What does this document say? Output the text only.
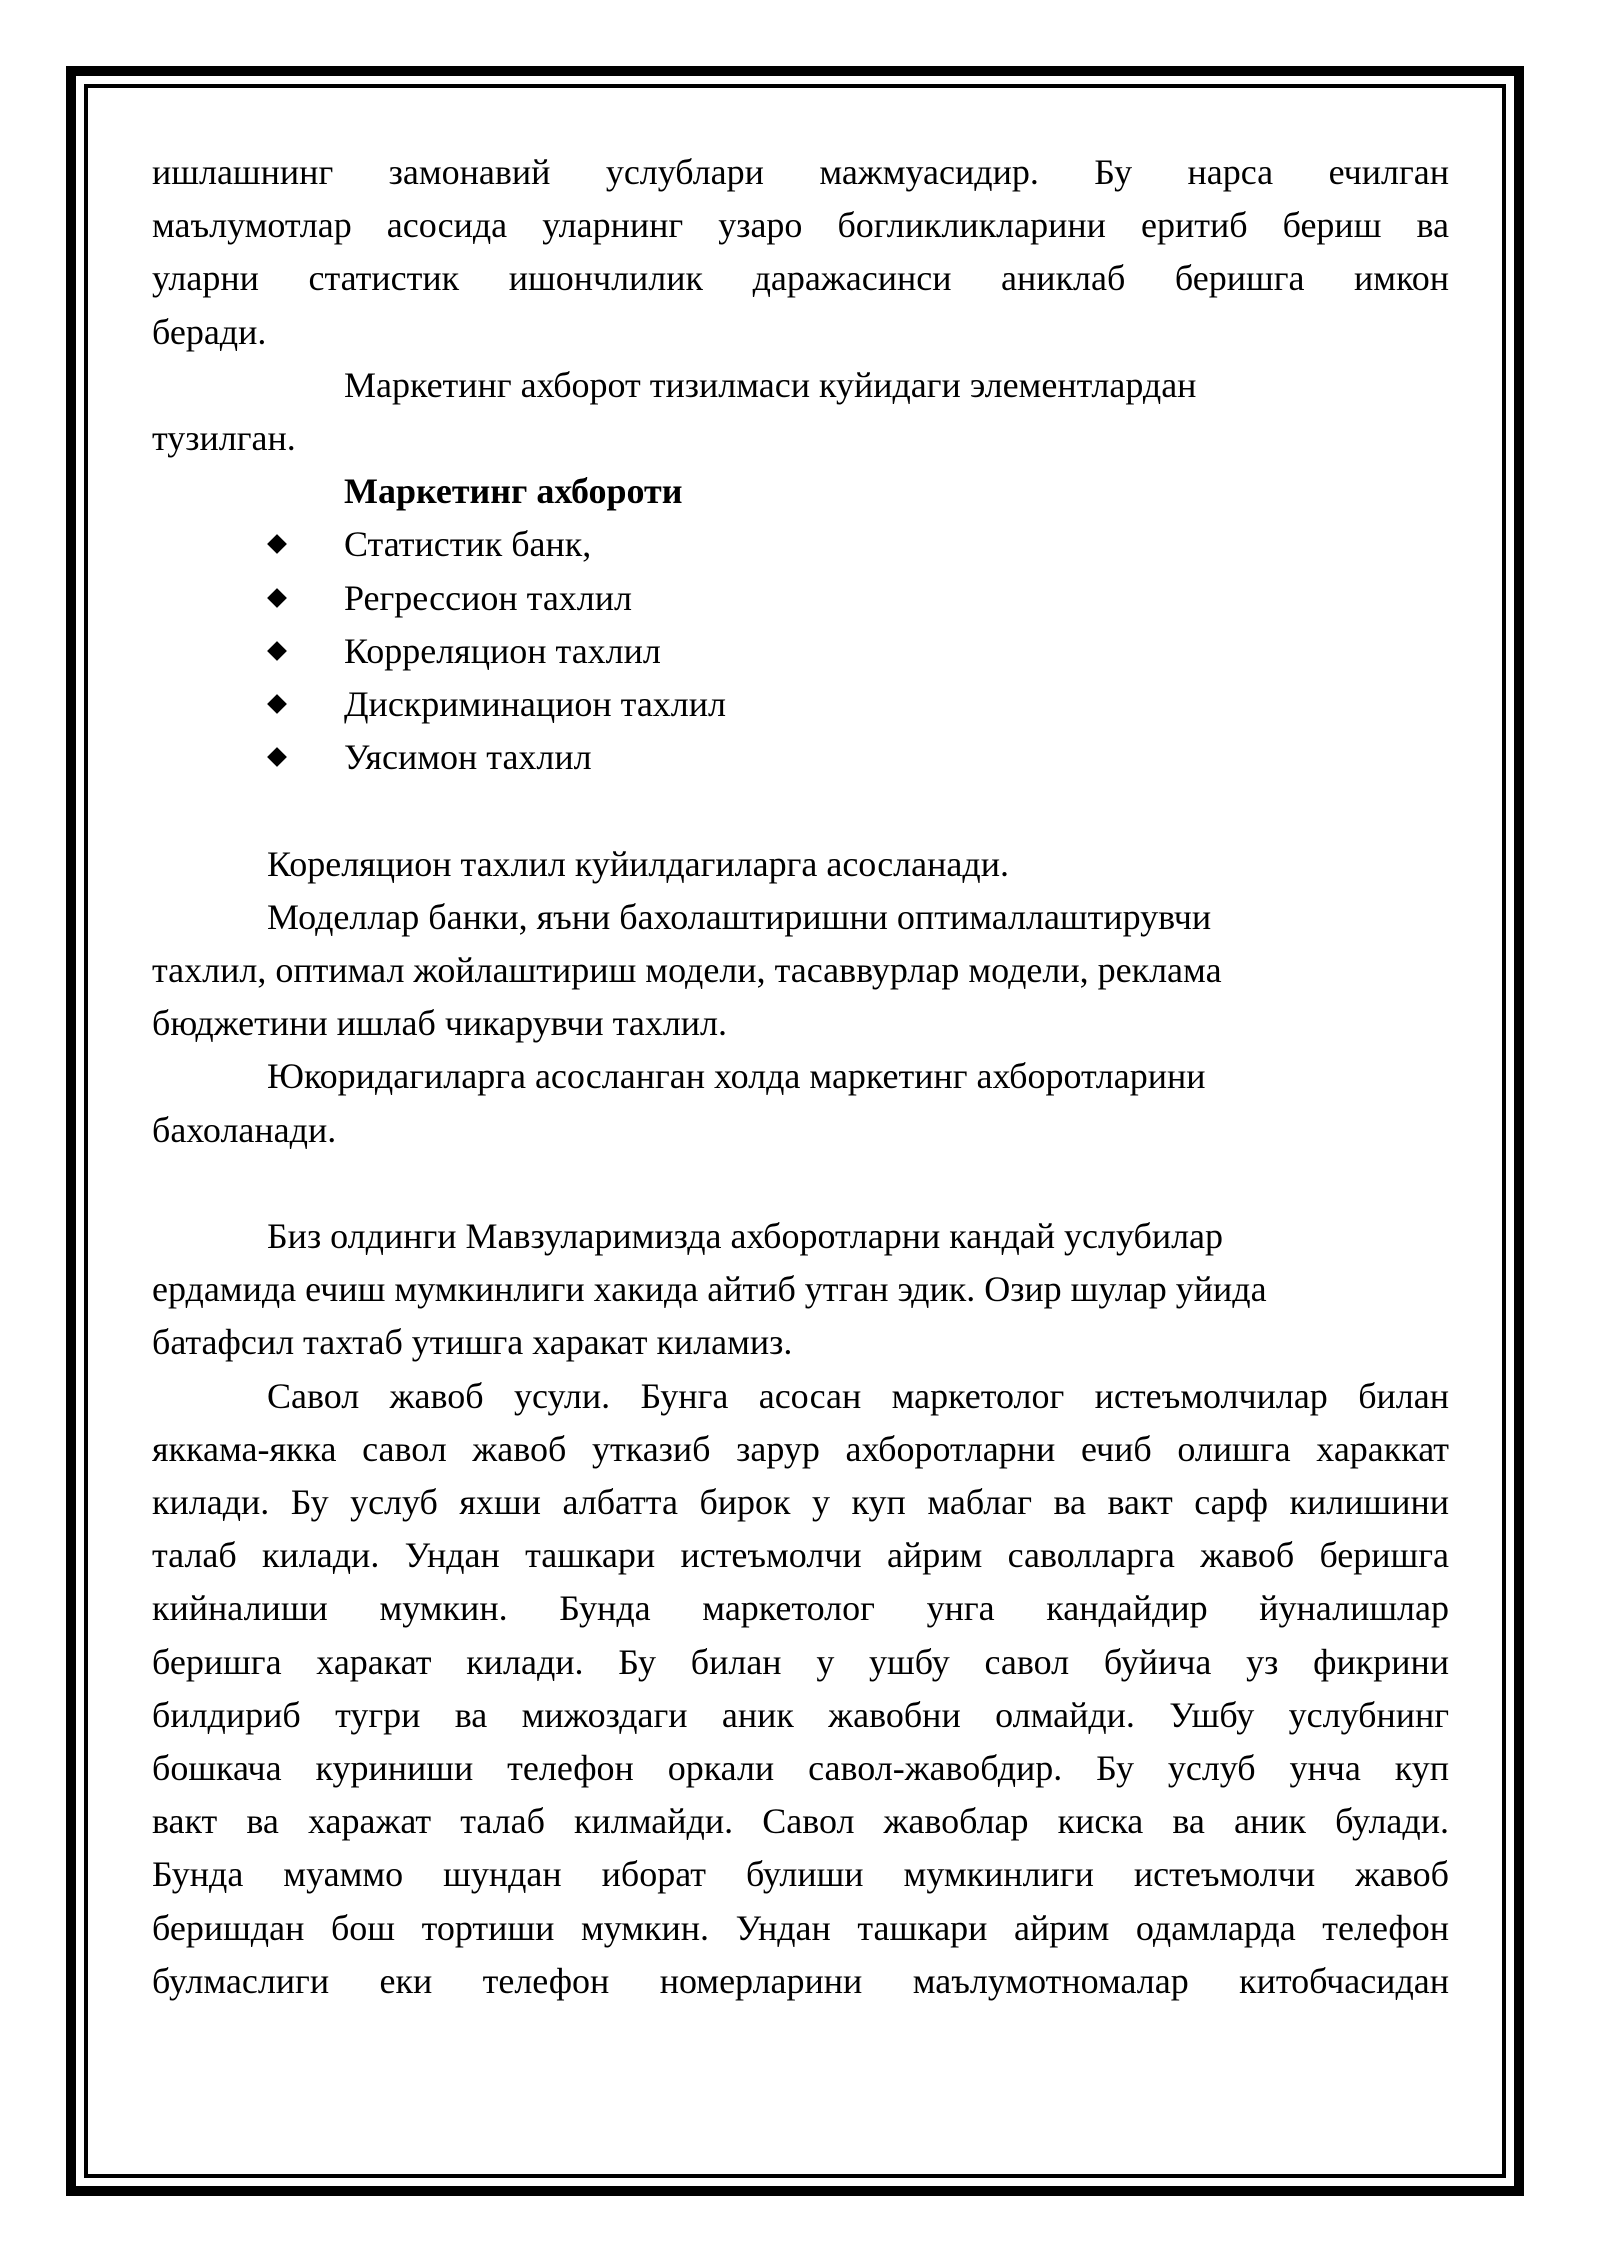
ишлашнинг замонавий услублари мажмуасидир. Бу нарса ечилган

маълумотлар асосида уларнинг узаро богликликларини еритиб бериш ва

уларни статистик ишончлилик даражасинси аниклаб беришга имкон

беради.

Маркетинг ахборот тизилмаси куйидаги элементлардан

тузилган.

Маркетинг ахбороти

Статистик банк,
Регрессион тахлил
Корреляцион тахлил
Дискриминацион тахлил
Уясимон тахлил

Кореляцион тахлил куйилдагиларга асосланади.

Моделлар банки, яъни бахолаштиришни оптималлаштирувчи

тахлил, оптимал жойлаштириш модели, тасаввурлар модели, реклама

бюджетини ишлаб чикарувчи тахлил.

Юкоридагиларга асосланган холда маркетинг ахборотларини

бахоланади.

Биз олдинги Мавзуларимизда ахборотларни кандай услубилар

ердамида ечиш мумкинлиги хакида айтиб утган эдик. Озир шулар уйида

батафсил тахтаб утишга харакат киламиз.

Савол жавоб усули. Бунга асосан маркетолог истеъмолчилар билан

яккама-якка савол жавоб утказиб зарур ахборотларни ечиб олишга хараккат

килади. Бу услуб яхши албатта бирок у куп маблаг ва вакт сарф килишини

талаб килади. Ундан ташкари истеъмолчи айрим саволларга жавоб беришга

кийналиши мумкин. Бунда маркетолог унга кандайдир йуналишлар

беришга харакат килади. Бу билан у ушбу савол буйича уз фикрини

билдириб тугри ва мижоздаги аник жавобни олмайди. Ушбу услубнинг

бошкача куриниши телефон оркали савол-жавобдир. Бу услуб унча куп

вакт ва харажат талаб килмайди. Савол жавоблар киска ва аник булади.

Бунда муаммо шундан иборат булиши мумкинлиги истеъмолчи жавоб

беришдан бош тортиши мумкин. Ундан ташкари айрим одамларда телефон

булмаслиги еки телефон номерларини маълумотномалар китобчасидан
